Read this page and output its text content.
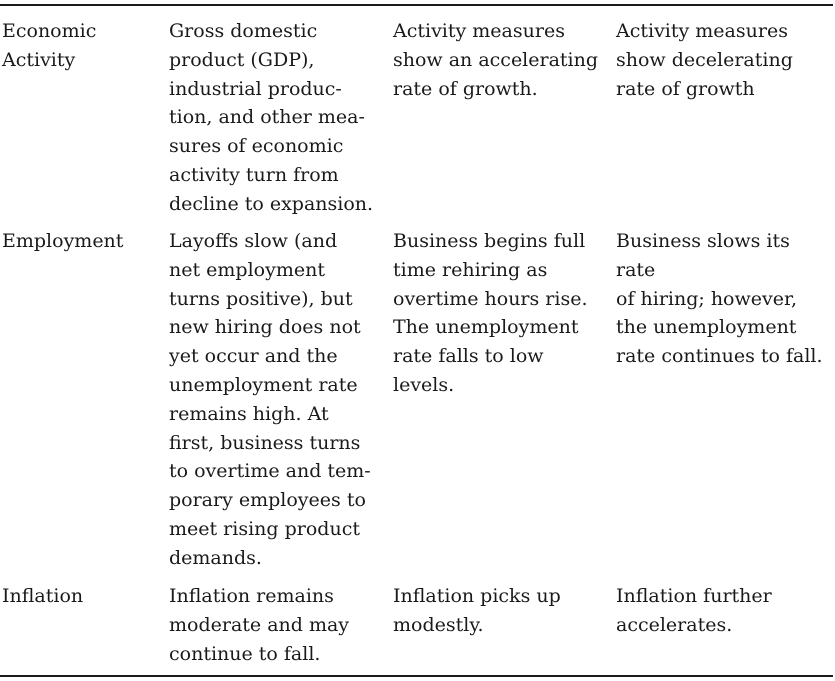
Economic
Activity
Gross domestic
product (GDP),
industrial produc-
tion, and other mea-
sures of economic
activity turn from
decline to expansion.
Activity measures
show an accelerating
rate of growth.
Activity measures
show decelerating
rate of growth
Employment	Layoffs slow (and
net employment
turns positive), but
new hiring does not
yet occur and the
unemployment rate
remains high. At
first, business turns
to overtime and tem-
porary employees to
meet rising product
demands.
Business begins full
time rehiring as
overtime hours rise.
The unemployment
rate falls to low
levels.
Business slows its rate
of hiring; however,
the unemployment
rate continues to fall.
Inflation	Inflation remains
moderate and may
continue to fall.
Inflation picks up
modestly.
Inflation further
accelerates.
